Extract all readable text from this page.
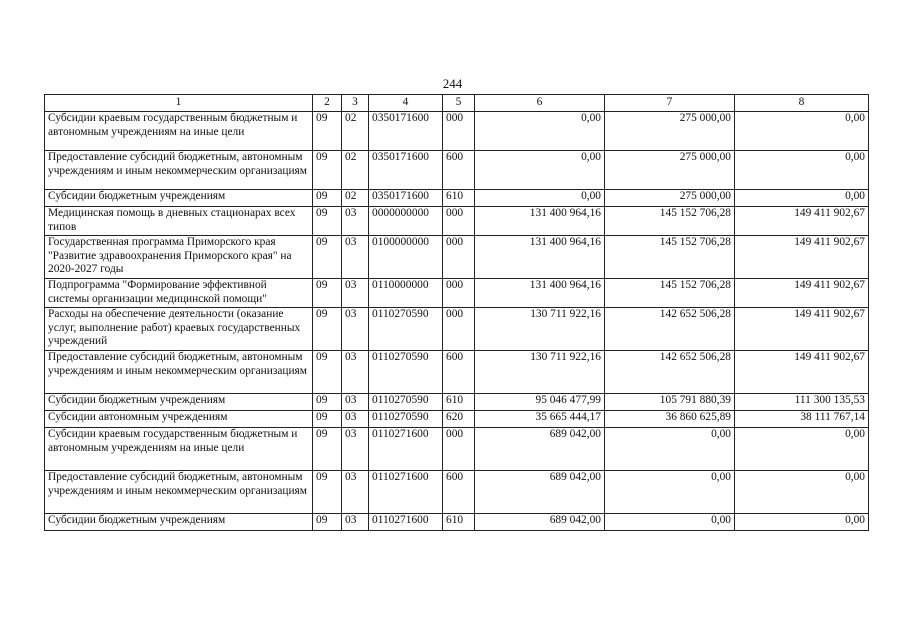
244
1	2	3	4	5	6	7	8
Субсидии краевым государственным бюджетным и автономным учреждениям на иные цели	09	02	0350171600	000	0,00	275 000,00	0,00
Предоставление субсидий бюджетным, автономным учреждениям и иным некоммерческим организациям	09	02	0350171600	600	0,00	275 000,00	0,00
Субсидии бюджетным учреждениям	09	02	0350171600	610	0,00	275 000,00	0,00
Медицинская помощь в дневных стационарах всех типов	09	03	0000000000	000	131 400 964,16	145 152 706,28	149 411 902,67
Государственная программа Приморского края "Развитие здравоохранения Приморского края" на 2020-2027 годы	09	03	0100000000	000	131 400 964,16	145 152 706,28	149 411 902,67
Подпрограмма "Формирование эффективной системы организации медицинской помощи"	09	03	0110000000	000	131 400 964,16	145 152 706,28	149 411 902,67
Расходы на обеспечение деятельности (оказание услуг, выполнение работ) краевых государственных учреждений	09	03	0110270590	000	130 711 922,16	142 652 506,28	149 411 902,67
Предоставление субсидий бюджетным, автономным учреждениям и иным некоммерческим организациям	09	03	0110270590	600	130 711 922,16	142 652 506,28	149 411 902,67
Субсидии бюджетным учреждениям	09	03	0110270590	610	95 046 477,99	105 791 880,39	111 300 135,53
Субсидии автономным учреждениям	09	03	0110270590	620	35 665 444,17	36 860 625,89	38 111 767,14
Субсидии краевым государственным бюджетным и автономным учреждениям на иные цели	09	03	0110271600	000	689 042,00	0,00	0,00
Предоставление субсидий бюджетным, автономным учреждениям и иным некоммерческим организациям	09	03	0110271600	600	689 042,00	0,00	0,00
Субсидии бюджетным учреждениям	09	03	0110271600	610	689 042,00	0,00	0,00
